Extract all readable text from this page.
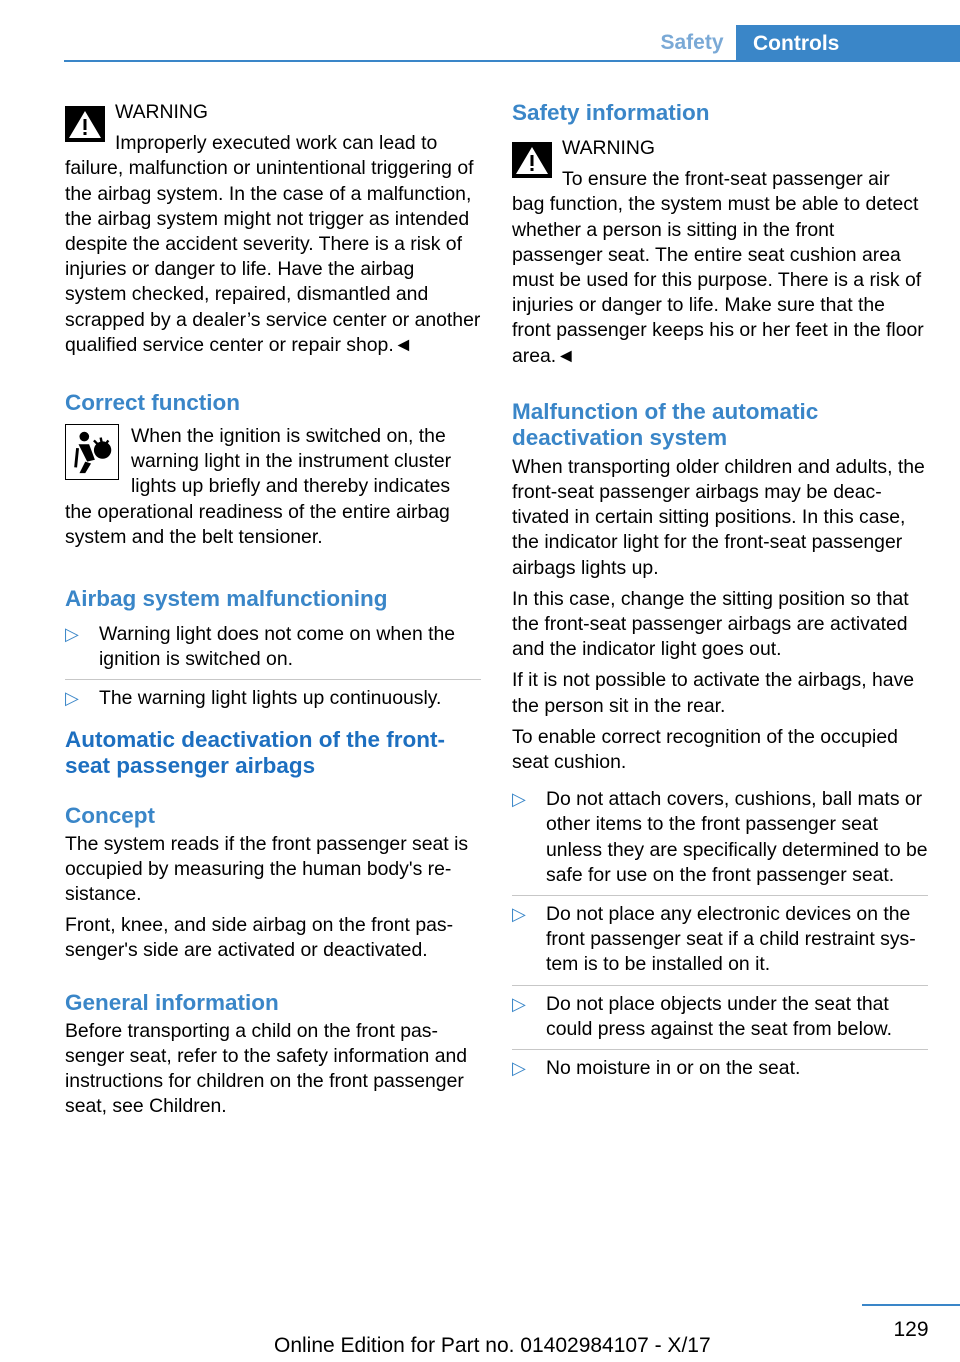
Safety	Controls

WARNING

Improperly executed work can lead to

failure, malfunction or unintentional triggering of the airbag system. In the case of a malfunction, the airbag system might not trigger as intended despite the accident severity. There is a risk of injuries or danger to life. Have the airbag system checked, repaired, dismantled and scrapped by a dealer’s service center or another qualified service center or repair shop.◄

Correct function

When the ignition is switched on, the warning light in the instrument cluster lights up briefly and thereby indicates

the operational readiness of the entire airbag system and the belt tensioner.

Airbag system malfunctioning
▷ Warning light does not come on when the ignition is switched on.
▷ The warning light lights up continuously.
Automatic deactivation of the front-seat passenger airbags
Concept

The system reads if the front passenger seat is occupied by measuring the human body's resistance.

Front, knee, and side airbag on the front passenger's side are activated or deactivated.

General information

Before transporting a child on the front passenger seat, refer to the safety information and instructions for children on the front passenger seat, see Children.

Safety information

WARNING

To ensure the front-seat passenger air

bag function, the system must be able to detect whether a person is sitting in the front passenger seat. The entire seat cushion area must be used for this purpose. There is a risk of injuries or danger to life. Make sure that the front passenger keeps his or her feet in the floor area.◄

Malfunction of the automatic deactivation system

When transporting older children and adults, the front-seat passenger airbags may be deactivated in certain sitting positions. In this case, the indicator light for the front-seat passenger airbags lights up.

In this case, change the sitting position so that the front-seat passenger airbags are activated and the indicator light goes out.

If it is not possible to activate the airbags, have the person sit in the rear.

To enable correct recognition of the occupied seat cushion.

▷ Do not attach covers, cushions, ball mats or other items to the front passenger seat unless they are specifically determined to be safe for use on the front passenger seat.
▷ Do not place any electronic devices on the front passenger seat if a child restraint system is to be installed on it.
▷ Do not place objects under the seat that could press against the seat from below.
▷ No moisture in or on the seat.
129
Online Edition for Part no. 01402984107 - X/17
